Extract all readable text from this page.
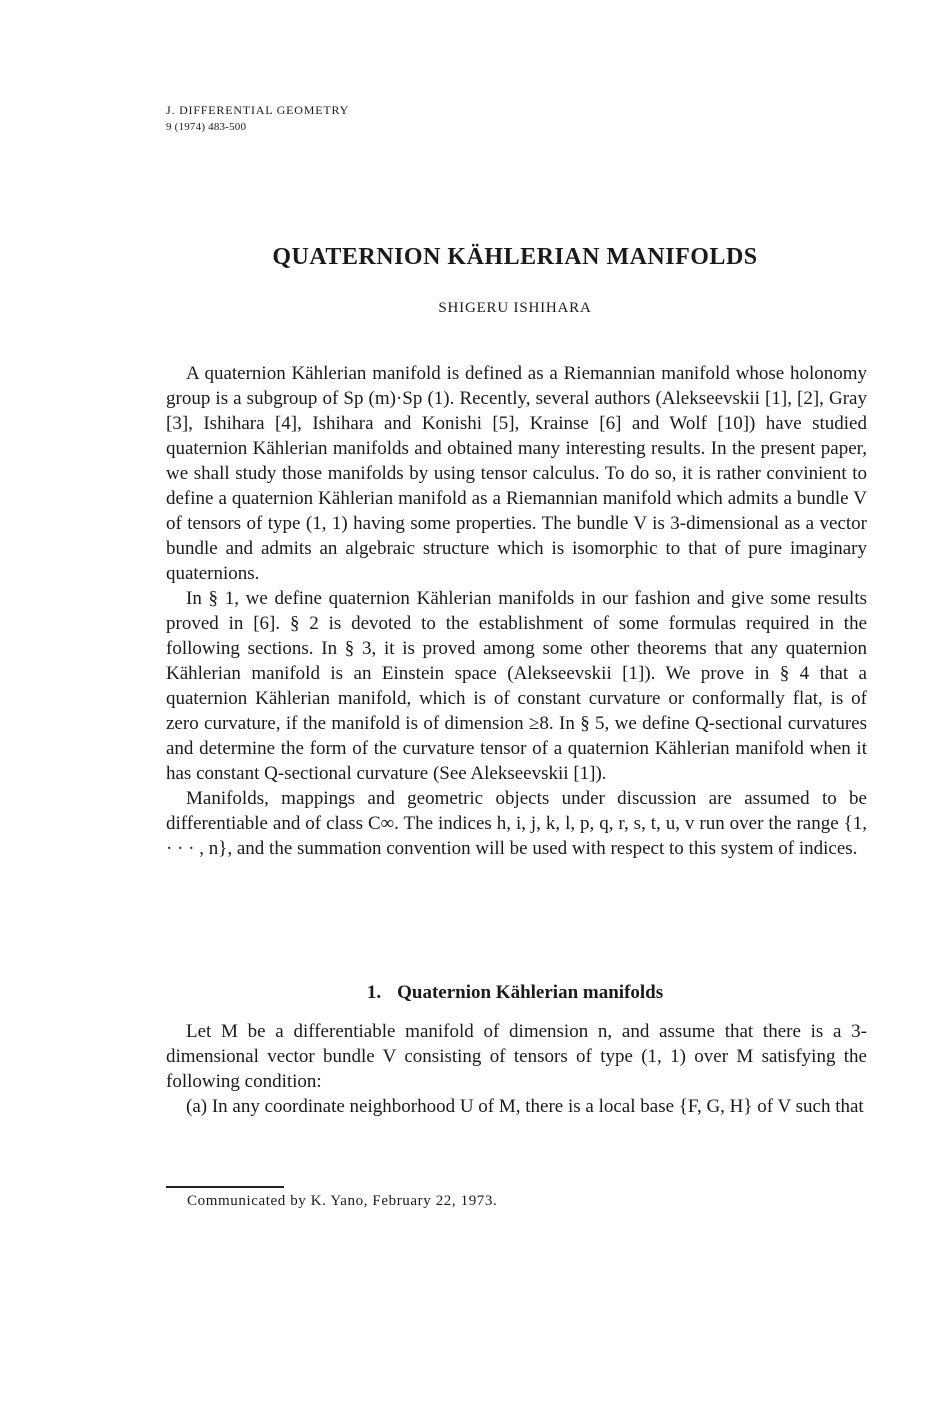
J. DIFFERENTIAL GEOMETRY
9 (1974) 483-500
QUATERNION KÄHLERIAN MANIFOLDS
SHIGERU ISHIHARA

A quaternion Kählerian manifold is defined as a Riemannian manifold whose holonomy group is a subgroup of Sp (m)·Sp (1). Recently, several authors (Alekseevskii [1], [2], Gray [3], Ishihara [4], Ishihara and Konishi [5], Krainse [6] and Wolf [10]) have studied quaternion Kählerian manifolds and obtained many interesting results. In the present paper, we shall study those manifolds by using tensor calculus. To do so, it is rather convinient to define a quaternion Kählerian manifold as a Riemannian manifold which admits a bundle V of tensors of type (1, 1) having some properties. The bundle V is 3-dimensional as a vector bundle and admits an algebraic structure which is isomorphic to that of pure imaginary quaternions.

In § 1, we define quaternion Kählerian manifolds in our fashion and give some results proved in [6]. § 2 is devoted to the establishment of some formulas required in the following sections. In § 3, it is proved among some other theorems that any quaternion Kählerian manifold is an Einstein space (Alekseevskii [1]). We prove in § 4 that a quaternion Kählerian manifold, which is of constant curvature or conformally flat, is of zero curvature, if the manifold is of dimension ≥8. In § 5, we define Q-sectional curvatures and determine the form of the curvature tensor of a quaternion Kählerian manifold when it has constant Q-sectional curvature (See Alekseevskii [1]).

Manifolds, mappings and geometric objects under discussion are assumed to be differentiable and of class C∞. The indices h, i, j, k, l, p, q, r, s, t, u, v run over the range {1, · · · , n}, and the summation convention will be used with respect to this system of indices.

1. Quaternion Kählerian manifolds

Let M be a differentiable manifold of dimension n, and assume that there is a 3-dimensional vector bundle V consisting of tensors of type (1, 1) over M satisfying the following condition:

(a) In any coordinate neighborhood U of M, there is a local base {F, G, H} of V such that

Communicated by K. Yano, February 22, 1973.
